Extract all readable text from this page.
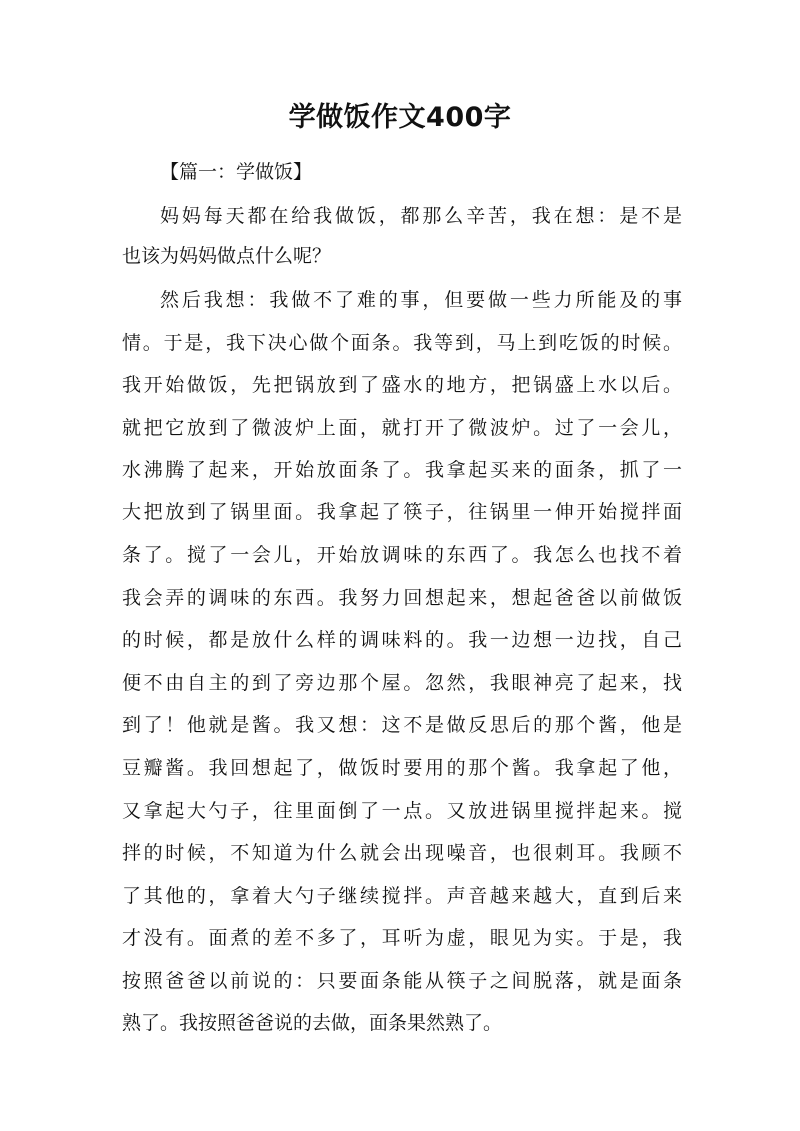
学做饭作文400字
【篇一：学做饭】
妈妈每天都在给我做饭，都那么辛苦，我在想：是不是
也该为妈妈做点什么呢？
然后我想：我做不了难的事，但要做一些力所能及的事
情。于是，我下决心做个面条。我等到，马上到吃饭的时候。
我开始做饭，先把锅放到了盛水的地方，把锅盛上水以后。
就把它放到了微波炉上面，就打开了微波炉。过了一会儿，
水沸腾了起来，开始放面条了。我拿起买来的面条，抓了一
大把放到了锅里面。我拿起了筷子，往锅里一伸开始搅拌面
条了。搅了一会儿，开始放调味的东西了。我怎么也找不着
我会弄的调味的东西。我努力回想起来，想起爸爸以前做饭
的时候，都是放什么样的调味料的。我一边想一边找，自己
便不由自主的到了旁边那个屋。忽然，我眼神亮了起来，找
到了！他就是酱。我又想：这不是做反思后的那个酱，他是
豆瓣酱。我回想起了，做饭时要用的那个酱。我拿起了他，
又拿起大勺子，往里面倒了一点。又放进锅里搅拌起来。搅
拌的时候，不知道为什么就会出现噪音，也很刺耳。我顾不
了其他的，拿着大勺子继续搅拌。声音越来越大，直到后来
才没有。面煮的差不多了，耳听为虚，眼见为实。于是，我
按照爸爸以前说的：只要面条能从筷子之间脱落，就是面条
熟了。我按照爸爸说的去做，面条果然熟了。
